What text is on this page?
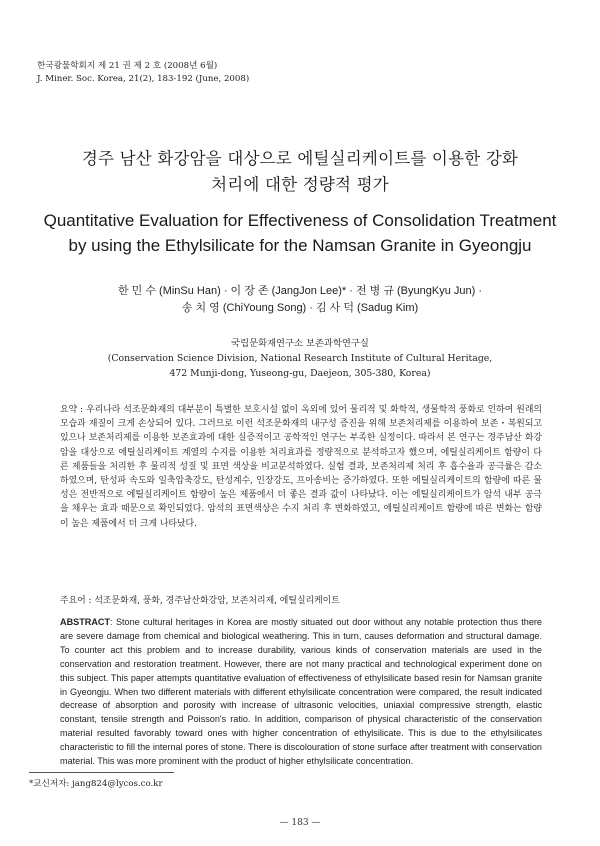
한국광물학회지 제 21 권 제 2 호 (2008년 6월)
J. Miner. Soc. Korea, 21(2), 183-192 (June, 2008)
경주 남산 화강암을 대상으로 에틸실리케이트를 이용한 강화
처리에 대한 정량적 평가
Quantitative Evaluation for Effectiveness of Consolidation Treatment
by using the Ethylsilicate for the Namsan Granite in Gyeongju
한 민 수 (MinSu Han) · 이 장 존 (JangJon Lee)* · 전 병 규 (ByungKyu Jun) ·
송 치 영 (ChiYoung Song) · 김 사 덕 (Sadug Kim)
국립문화재연구소 보존과학연구실
(Conservation Science Division, National Research Institute of Cultural Heritage,
472 Munji-dong, Yuseong-gu, Daejeon, 305-380, Korea)
요약 : 우리나라 석조문화재의 대부분이 특별한 보호시설 없이 옥외에 있어 물리적 및 화학적, 생물학적 풍화로 인하여 원래의 모습과 재질이 크게 손상되어 있다. 그러므로 이런 석조문화재의 내구성 증진을 위해 보존처리제를 이용하여 보존・복원되고 있으나 보존처리제를 이용한 보존효과에 대한 실증적이고 공학적인 연구는 부족한 실정이다. 따라서 본 연구는 경주남산 화강암을 대상으로 에틸실리케이트 계열의 수지를 이용한 처리효과를 정량적으로 분석하고자 했으며, 에틸실리케이트 함량이 다른 제품들을 처리한 후 물리적 성질 및 표면 색상을 비교분석하였다. 실험 결과, 보존처리제 처리 후 흡수율과 공극률은 감소하였으며, 탄성파 속도와 일축압축강도, 탄성계수, 인장강도, 프아송비는 증가하였다. 또한 에틸실리케이트의 함량에 따른 물성은 전반적으로 에틸실리케이트 함량이 높은 제품에서 더 좋은 결과 값이 나타났다. 이는 에틸실리케이트가 암석 내부 공극을 채우는 효과 때문으로 확인되었다. 암석의 표면색상은 수지 처리 후 변화하였고, 에틸실리케이트 함량에 따른 변화는 함량이 높은 제품에서 더 크게 나타났다.
주요어 : 석조문화재, 풍화, 경주남산화강암, 보존처리제, 에틸실리케이트
ABSTRACT: Stone cultural heritages in Korea are mostly situated out door without any notable protection thus there are severe damage from chemical and biological weathering. This in turn, causes deformation and structural damage. To counter act this problem and to increase durability, various kinds of conservation materials are used in the conservation and restoration treatment. However, there are not many practical and technological experiment done on this subject. This paper attempts quantitative evaluation of effectiveness of ethylsilicate based resin for Namsan granite in Gyeongju. When two different materials with different ethylsilicate concentration were compared, the result indicated decrease of absorption and porosity with increase of ultrasonic velocities, uniaxial compressive strength, elastic constant, tensile strength and Poisson's ratio. In addition, comparison of physical characteristic of the conservation material resulted favorably toward ones with higher concentration of ethylsilicate. This is due to the ethylsilicates characteristic to fill the internal pores of stone. There is discolouration of stone surface after treatment with conservation material. This was more prominent with the product of higher ethylsilicate concentration.
*교신저자: jang824@lycos.co.kr
— 183 —
